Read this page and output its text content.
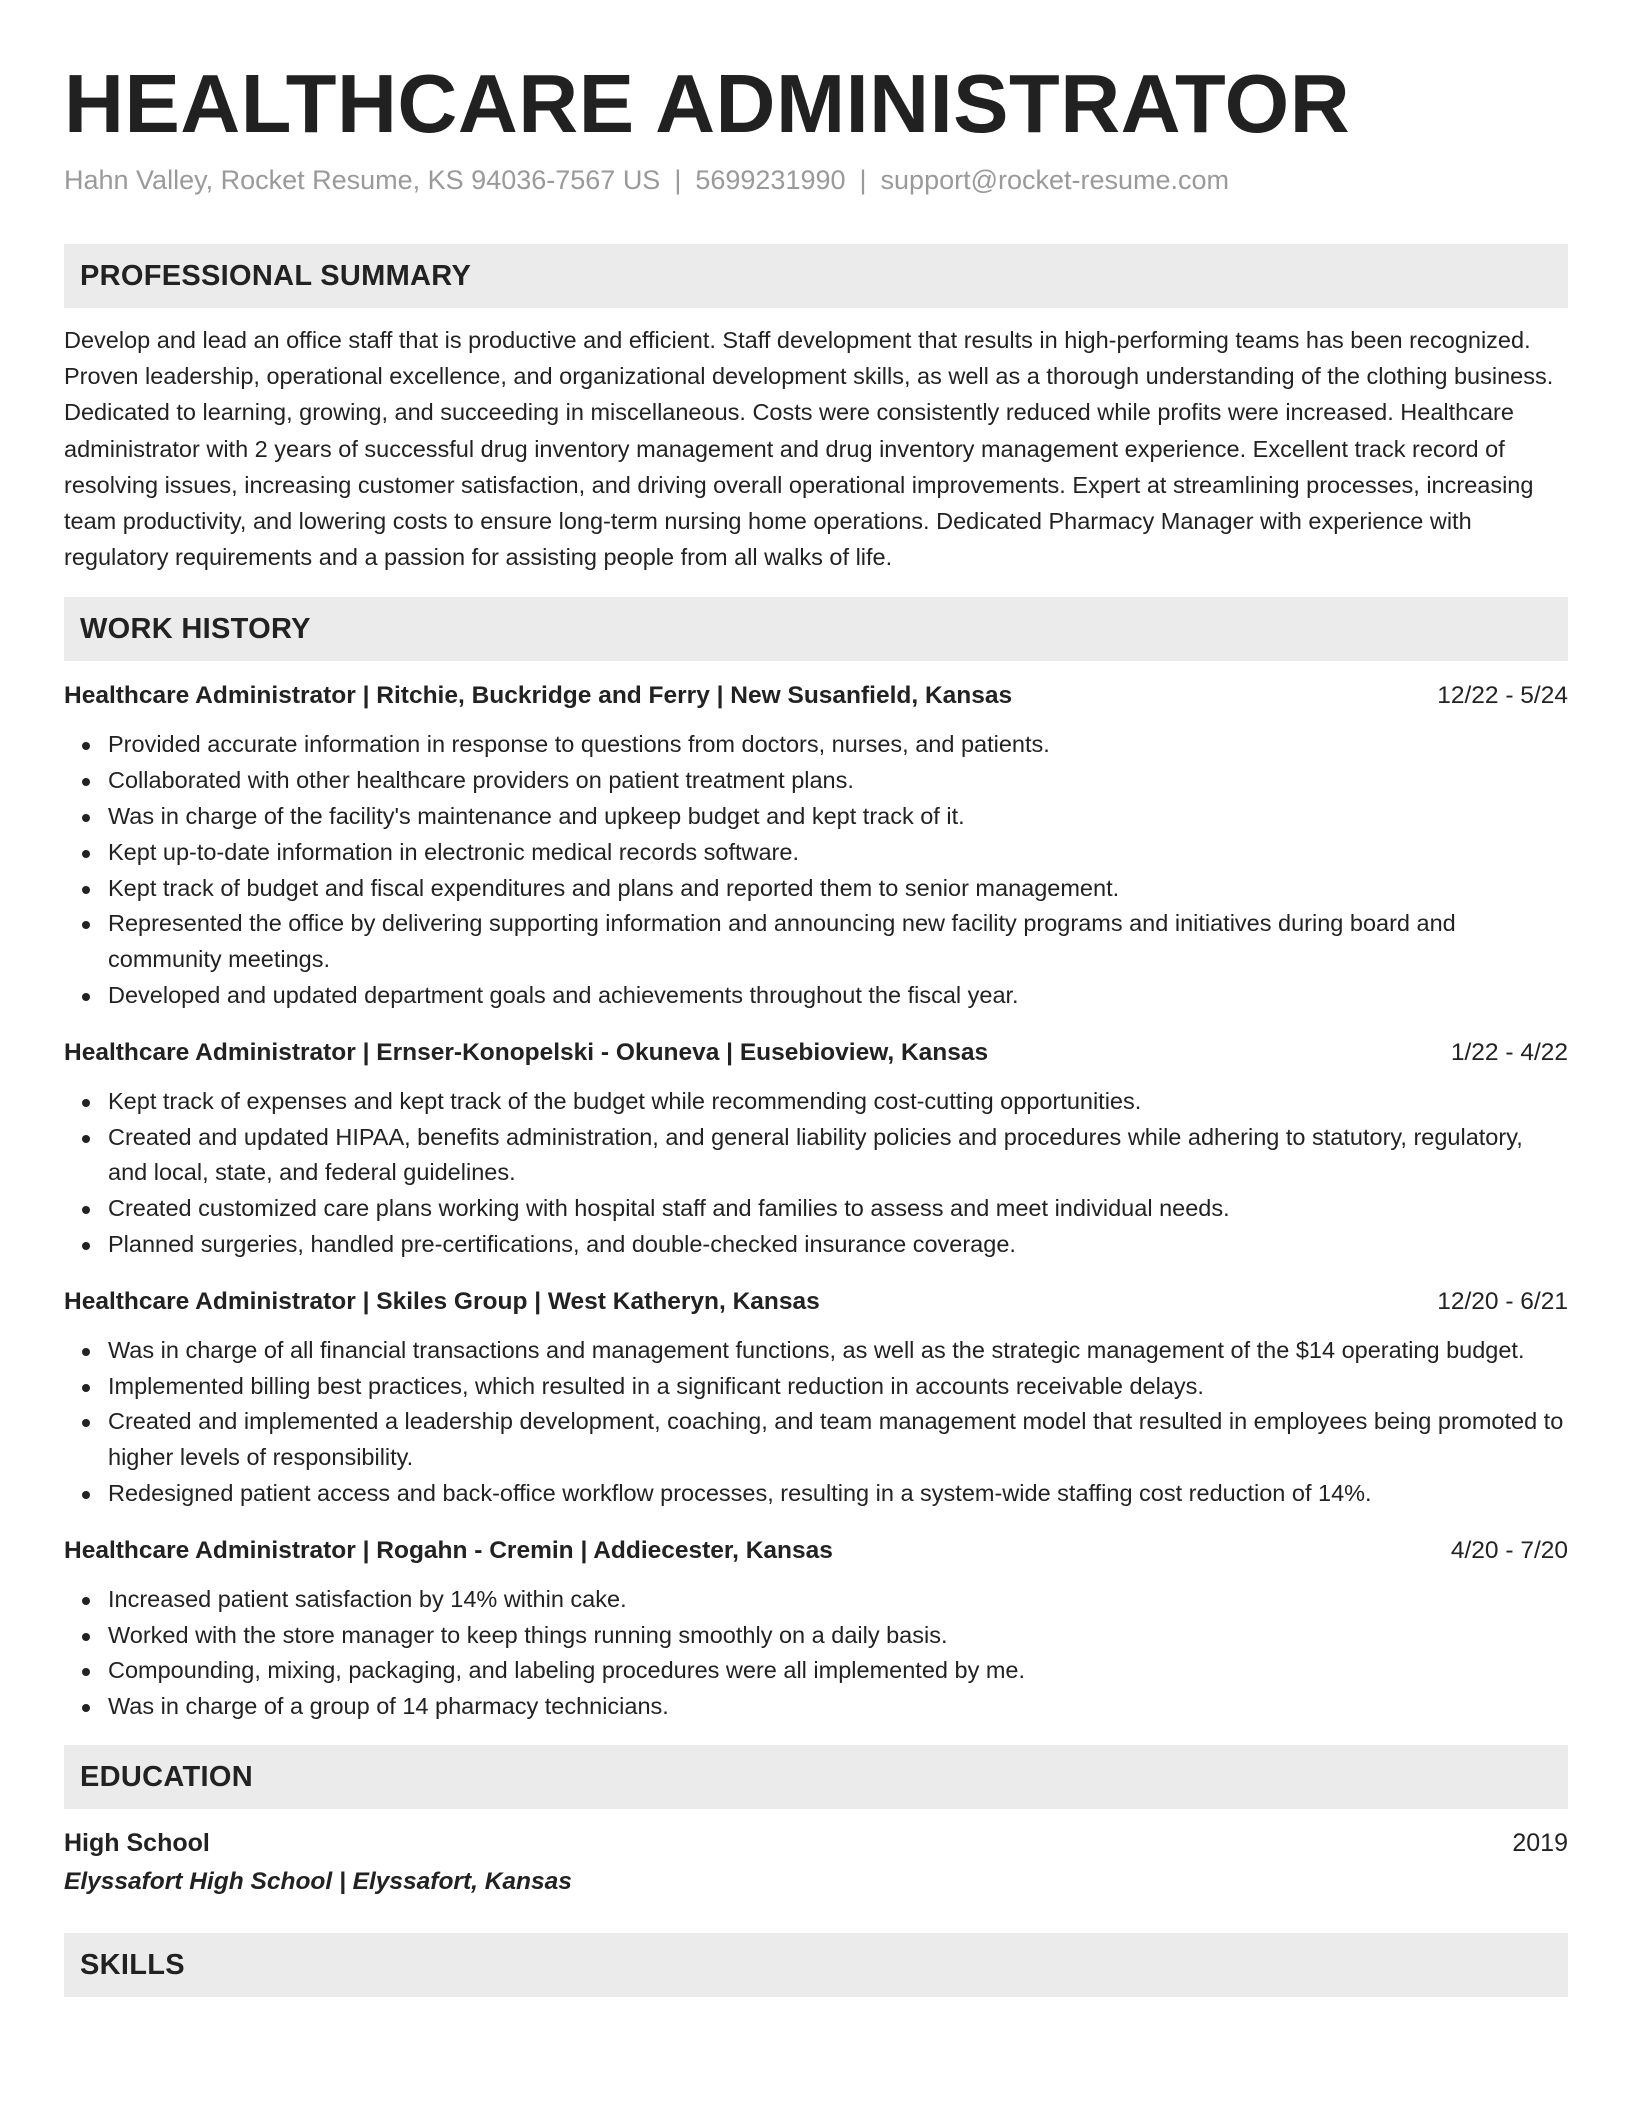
HEALTHCARE ADMINISTRATOR
Hahn Valley, Rocket Resume, KS 94036-7567 US | 5699231990 | support@rocket-resume.com
PROFESSIONAL SUMMARY

Develop and lead an office staff that is productive and efficient. Staff development that results in high-performing teams has been recognized. Proven leadership, operational excellence, and organizational development skills, as well as a thorough understanding of the clothing business. Dedicated to learning, growing, and succeeding in miscellaneous. Costs were consistently reduced while profits were increased. Healthcare administrator with 2 years of successful drug inventory management and drug inventory management experience. Excellent track record of resolving issues, increasing customer satisfaction, and driving overall operational improvements. Expert at streamlining processes, increasing team productivity, and lowering costs to ensure long-term nursing home operations. Dedicated Pharmacy Manager with experience with regulatory requirements and a passion for assisting people from all walks of life.

WORK HISTORY
Healthcare Administrator | Ritchie, Buckridge and Ferry | New Susanfield, Kansas	12/22 - 5/24
Provided accurate information in response to questions from doctors, nurses, and patients.
Collaborated with other healthcare providers on patient treatment plans.
Was in charge of the facility's maintenance and upkeep budget and kept track of it.
Kept up-to-date information in electronic medical records software.
Kept track of budget and fiscal expenditures and plans and reported them to senior management.
Represented the office by delivering supporting information and announcing new facility programs and initiatives during board and community meetings.
Developed and updated department goals and achievements throughout the fiscal year.
Healthcare Administrator | Ernser-Konopelski - Okuneva | Eusebioview, Kansas	1/22 - 4/22
Kept track of expenses and kept track of the budget while recommending cost-cutting opportunities.
Created and updated HIPAA, benefits administration, and general liability policies and procedures while adhering to statutory, regulatory, and local, state, and federal guidelines.
Created customized care plans working with hospital staff and families to assess and meet individual needs.
Planned surgeries, handled pre-certifications, and double-checked insurance coverage.
Healthcare Administrator | Skiles Group | West Katheryn, Kansas	12/20 - 6/21
Was in charge of all financial transactions and management functions, as well as the strategic management of the $14 operating budget.
Implemented billing best practices, which resulted in a significant reduction in accounts receivable delays.
Created and implemented a leadership development, coaching, and team management model that resulted in employees being promoted to higher levels of responsibility.
Redesigned patient access and back-office workflow processes, resulting in a system-wide staffing cost reduction of 14%.
Healthcare Administrator | Rogahn - Cremin | Addiecester, Kansas	4/20 - 7/20
Increased patient satisfaction by 14% within cake.
Worked with the store manager to keep things running smoothly on a daily basis.
Compounding, mixing, packaging, and labeling procedures were all implemented by me.
Was in charge of a group of 14 pharmacy technicians.
EDUCATION
High School	2019
Elyssafort High School | Elyssafort, Kansas
SKILLS
